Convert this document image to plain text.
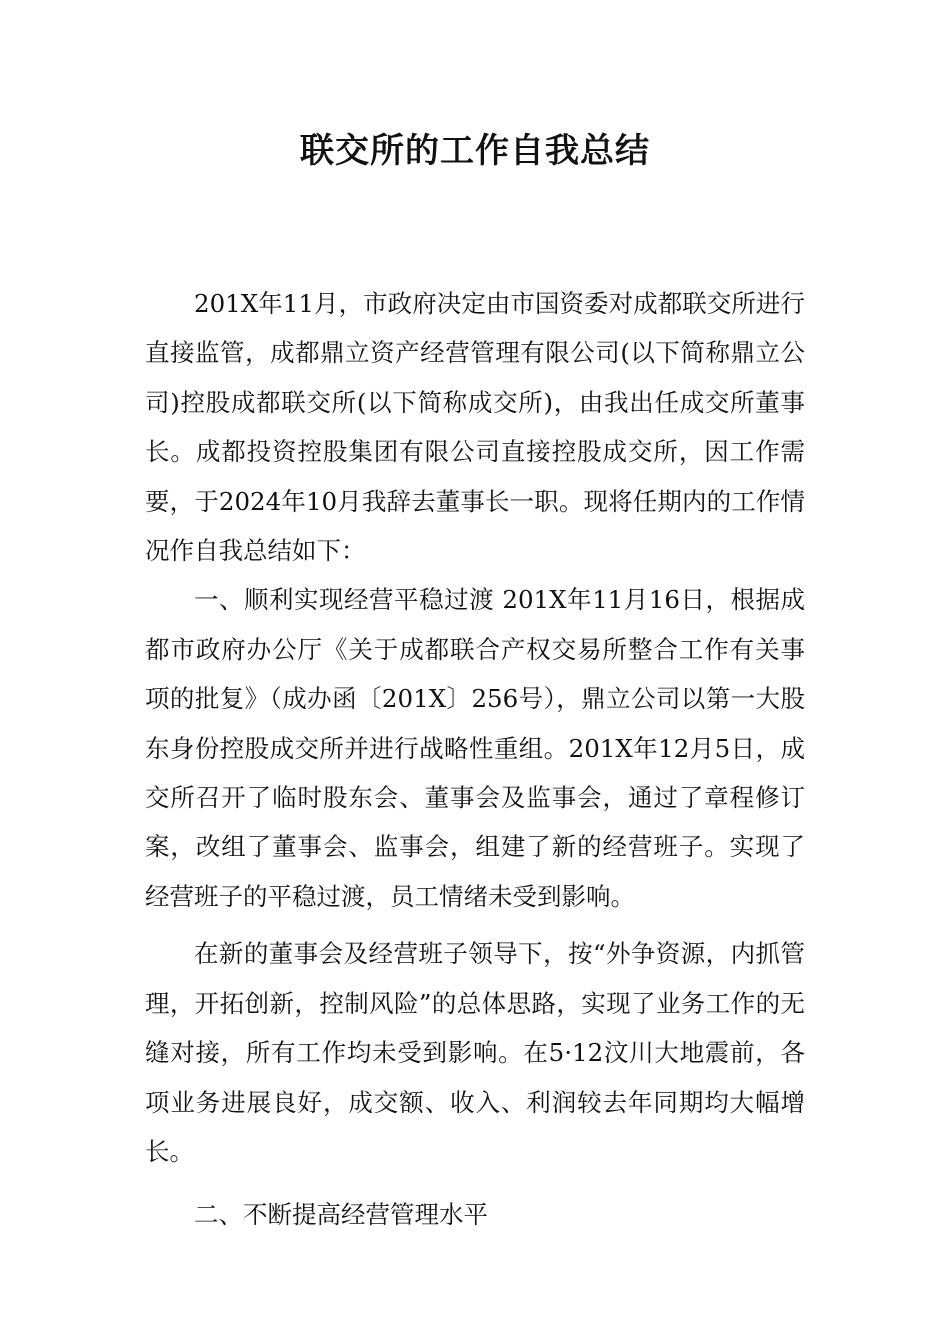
联交所的工作自我总结

201X年11月，市政府决定由市国资委对成都联交所进行直接监管，成都鼎立资产经营管理有限公司(以下简称鼎立公司)控股成都联交所(以下简称成交所)，由我出任成交所董事长。成都投资控股集团有限公司直接控股成交所，因工作需要，于2024年10月我辞去董事长一职。现将任期内的工作情况作自我总结如下：

一、顺利实现经营平稳过渡 201X年11月16日，根据成都市政府办公厅《关于成都联合产权交易所整合工作有关事项的批复》（成办函〔201X〕256号），鼎立公司以第一大股东身份控股成交所并进行战略性重组。201X年12月5日，成交所召开了临时股东会、董事会及监事会，通过了章程修订案，改组了董事会、监事会，组建了新的经营班子。实现了经营班子的平稳过渡，员工情绪未受到影响。

在新的董事会及经营班子领导下，按“外争资源，内抓管理，开拓创新，控制风险”的总体思路，实现了业务工作的无缝对接，所有工作均未受到影响。在5·12汶川大地震前，各项业务进展良好，成交额、收入、利润较去年同期均大幅增长。

二、不断提高经营管理水平
